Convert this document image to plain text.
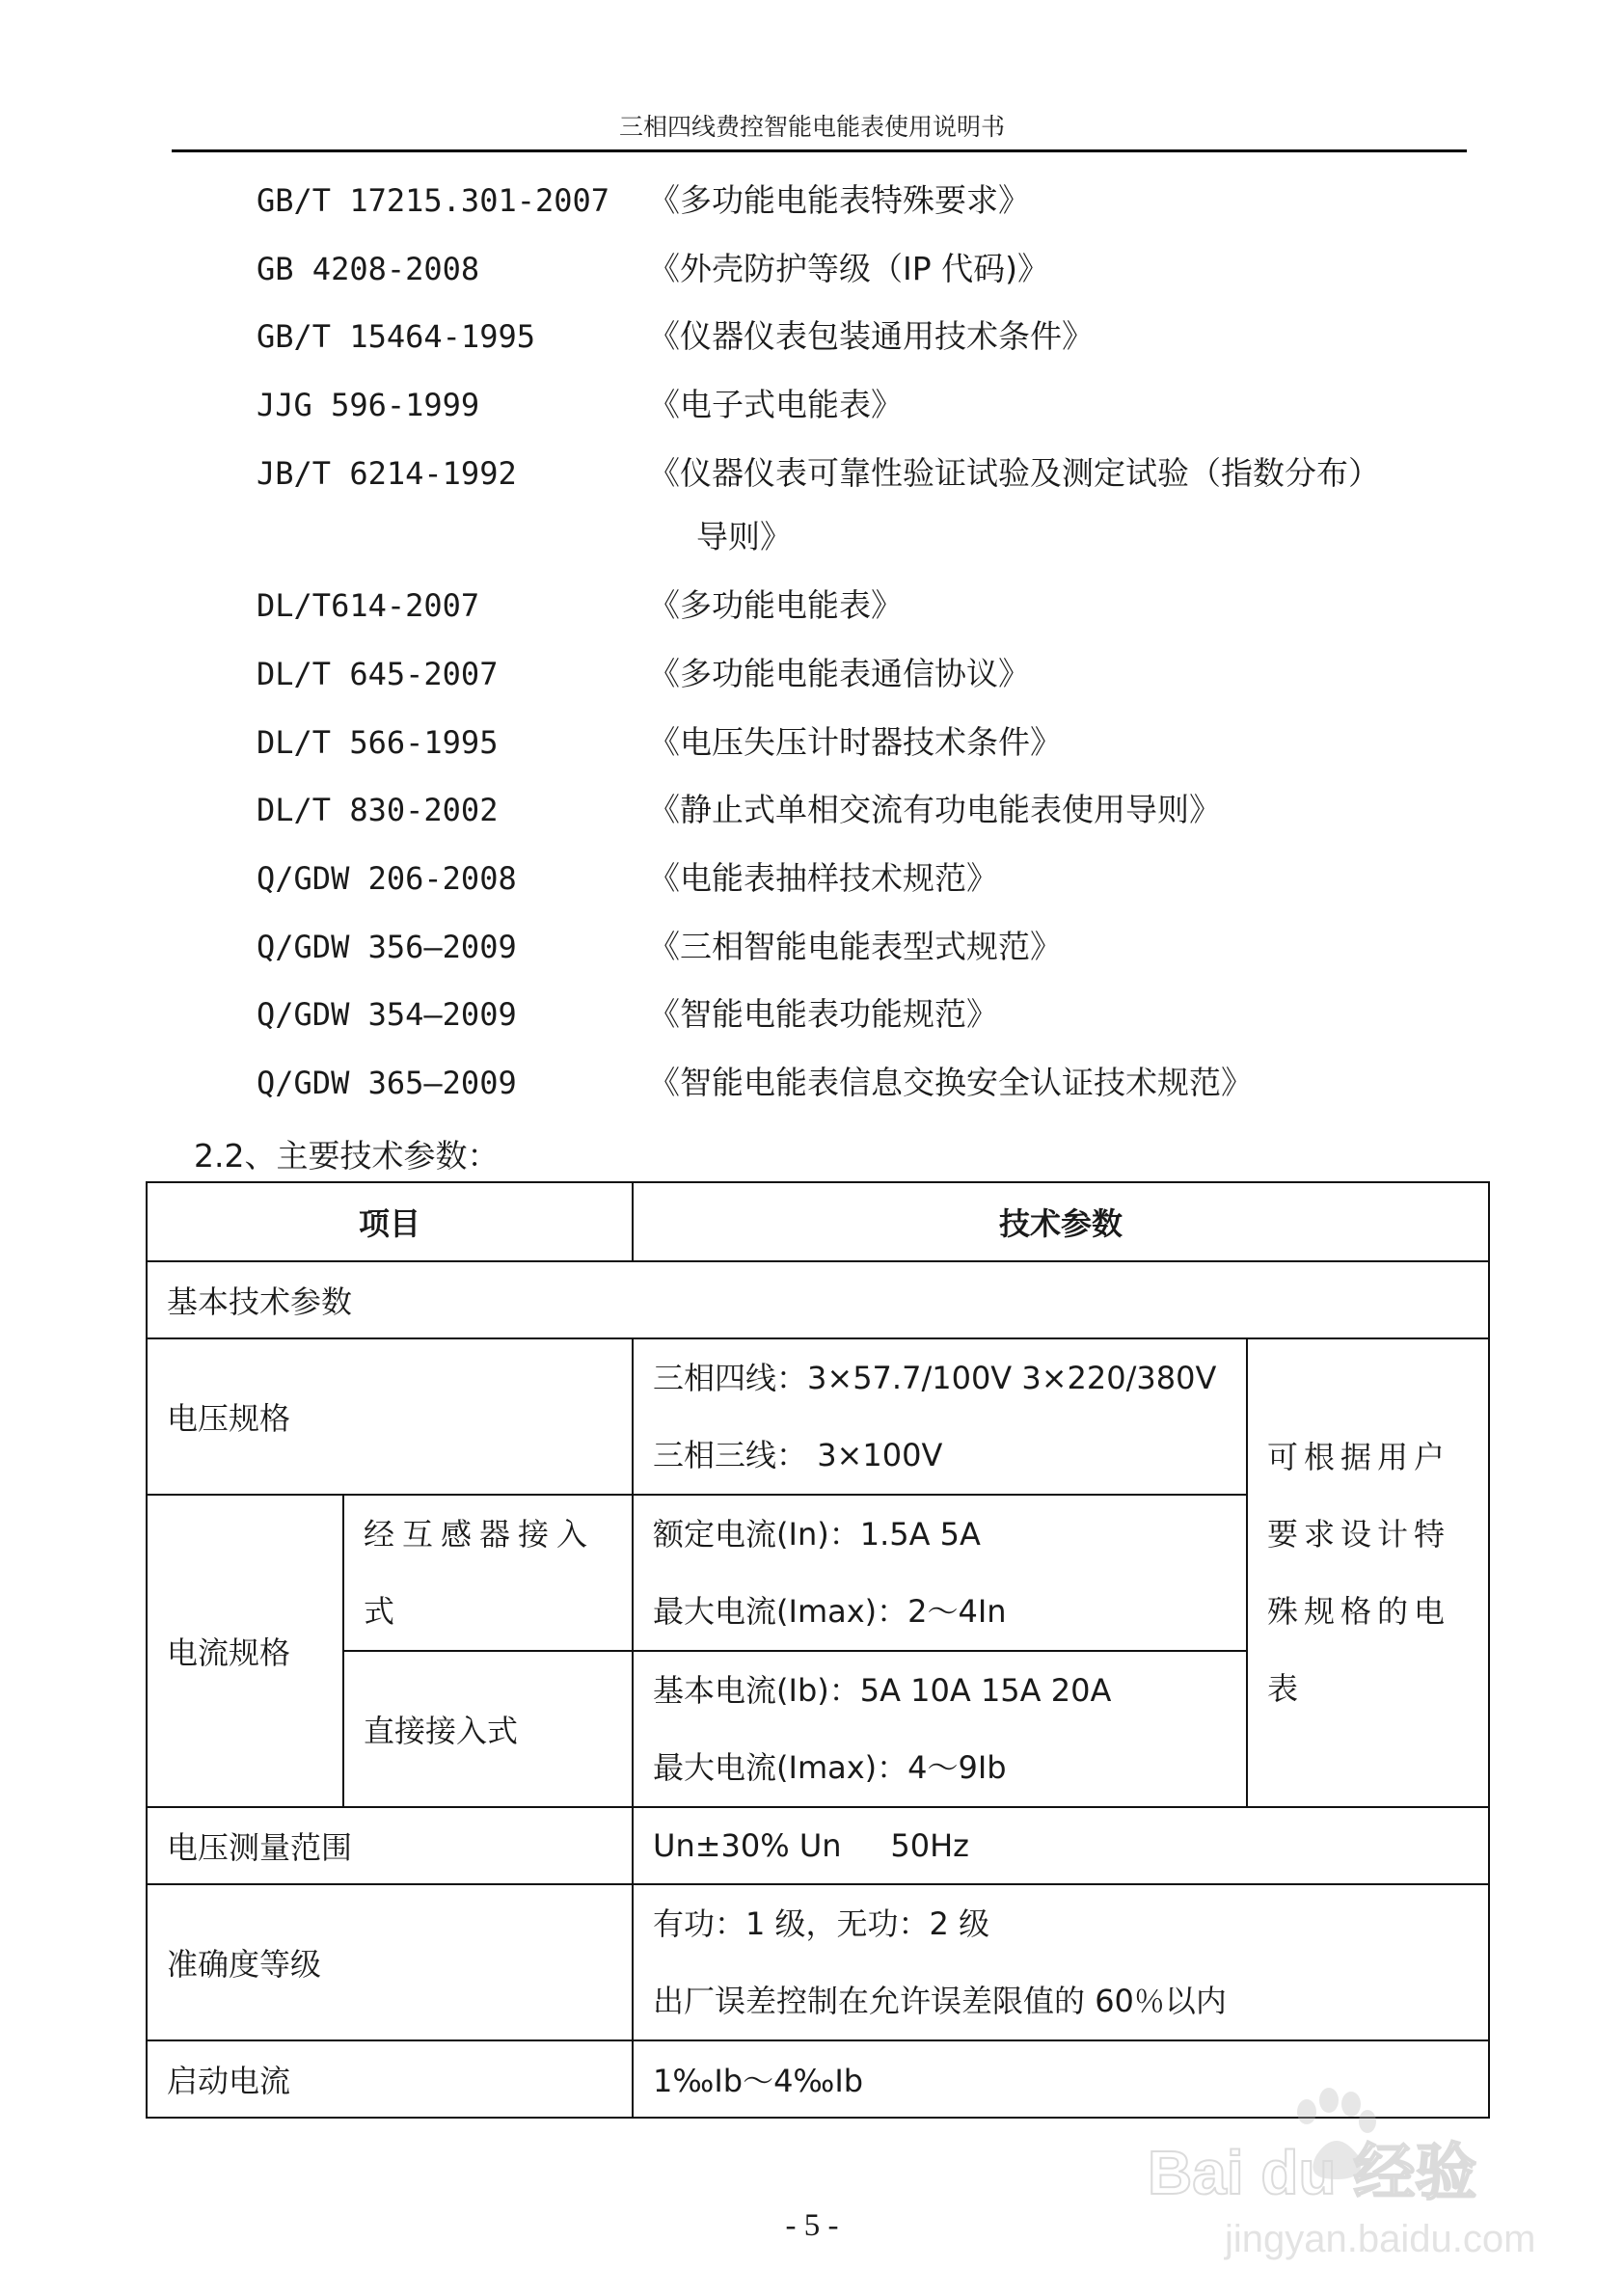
三相四线费控智能电能表使用说明书
GB/T 17215.301-2007 《多功能电能表特殊要求》
GB 4208-2008	《外壳防护等级（IP 代码)》
GB/T 15464-1995	《仪器仪表包装通用技术条件》
JJG 596-1999	《电子式电能表》
JB/T 6214-1992	《仪器仪表可靠性验证试验及测定试验（指数分布）
导则》
DL/T614-2007	《多功能电能表》
DL/T 645-2007	《多功能电能表通信协议》
DL/T 566-1995	《电压失压计时器技术条件》
DL/T 830-2002	《静止式单相交流有功电能表使用导则》
Q/GDW 206-2008	《电能表抽样技术规范》
Q/GDW 356—2009	《三相智能电能表型式规范》
Q/GDW 354—2009	《智能电能表功能规范》
Q/GDW 365—2009	《智能电能表信息交换安全认证技术规范》
2.2、主要技术参数：
项目		技术参数	
基本技术参数			
电压规格		三相四线：3×57.7/100V 3×220/380V
三相三线： 3×100V	可根据用户要求设计特殊规格的电表
电流规格	经互感器接入式	额定电流(In)：1.5A 5A
最大电流(Imax)：2～4In	

	直接接入式	基本电流(Ib)：5A 10A 15A 20A
最大电流(Imax)：4～9Ib	

电压测量范围		Un±30% Un     50Hz	
准确度等级		有功：1 级，无功：2 级
出厂误差控制在允许误差限值的 60％以内	

启动电流		1‰Ib～4‰Ib	
- 5 -
Bai du 经验
jingyan.baidu.com
